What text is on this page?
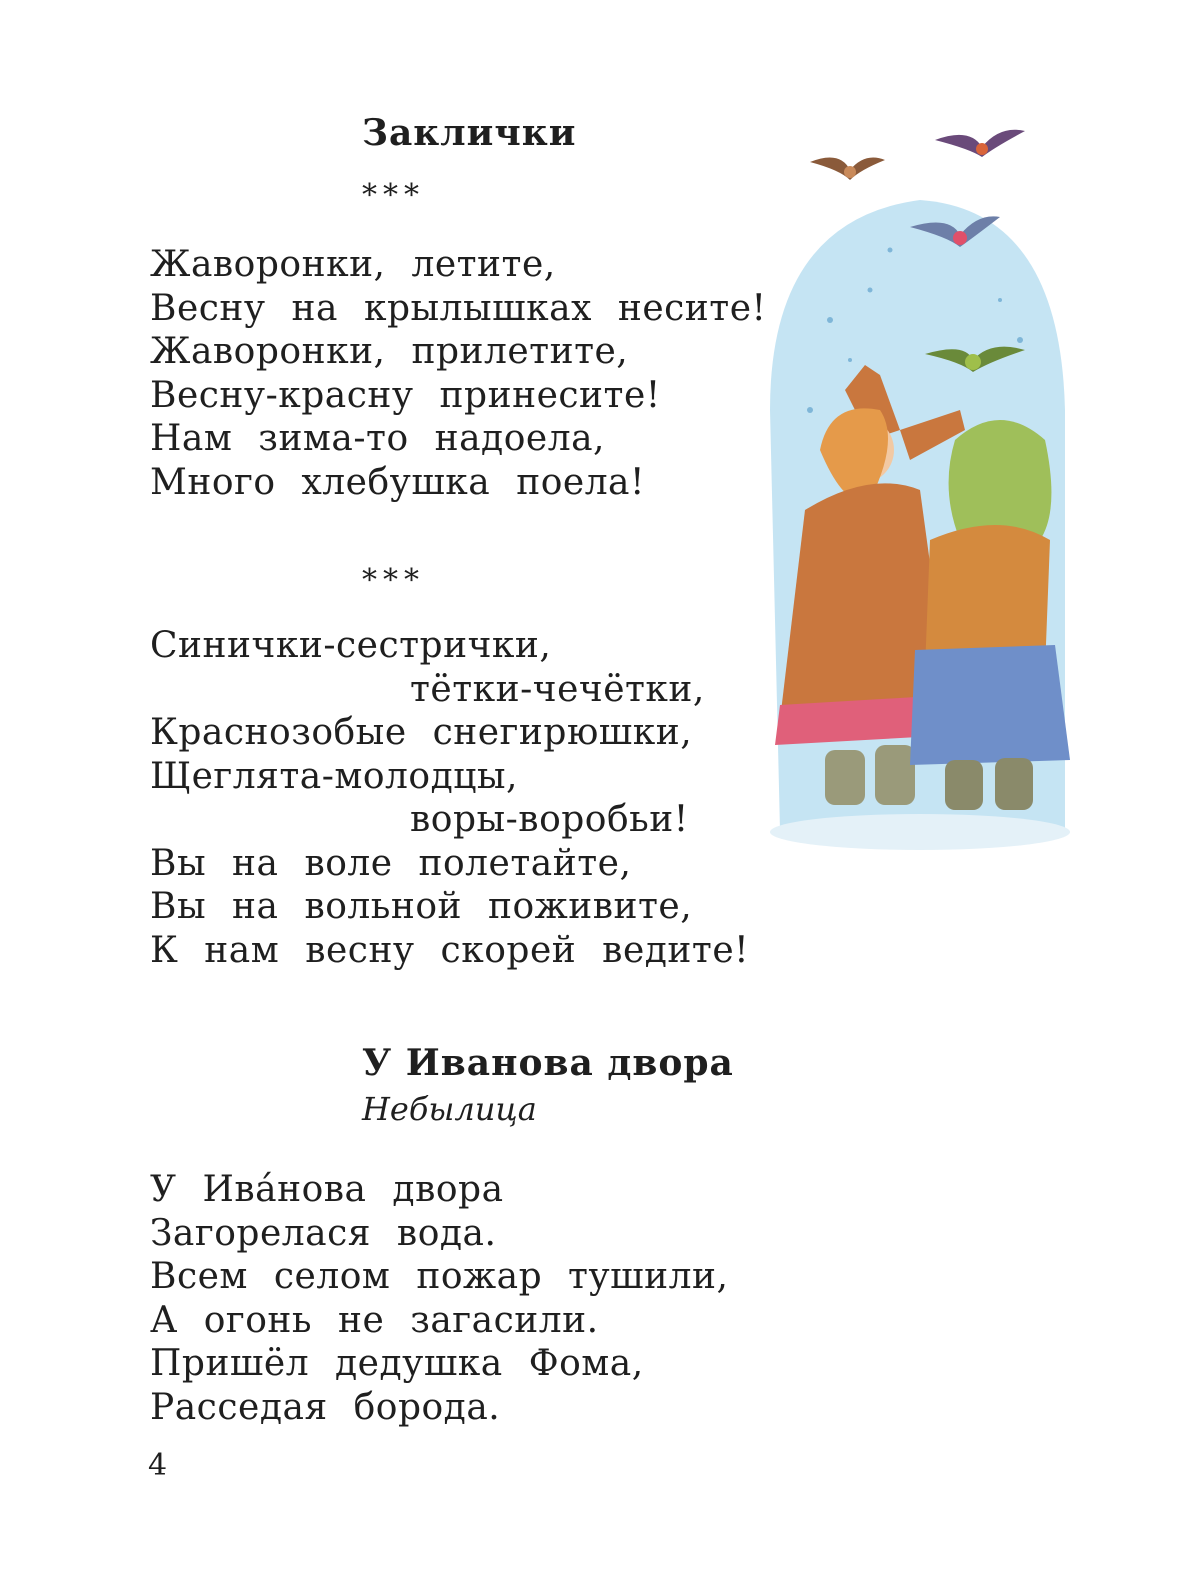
Заклички
***
Жаворонки, летите,
Весну на крылышках несите!
Жаворонки, прилетите,
Весну-красну принесите!
Нам зима-то надоела,
Много хлебушка поела!
***
Синички-сестрички,
тётки-чечётки,
Краснозобые снегирюшки,
Щеглята-молодцы,
воры-воробьи!
Вы на воле полетайте,
Вы на вольной поживите,
К нам весну скорей ведите!
У Иванова двора
Небылица
У Ивáнова двора
Загорелася вода.
Всем селом пожар тушили,
А огонь не загасили.
Пришёл дедушка Фома,
Расседая борода.
4
